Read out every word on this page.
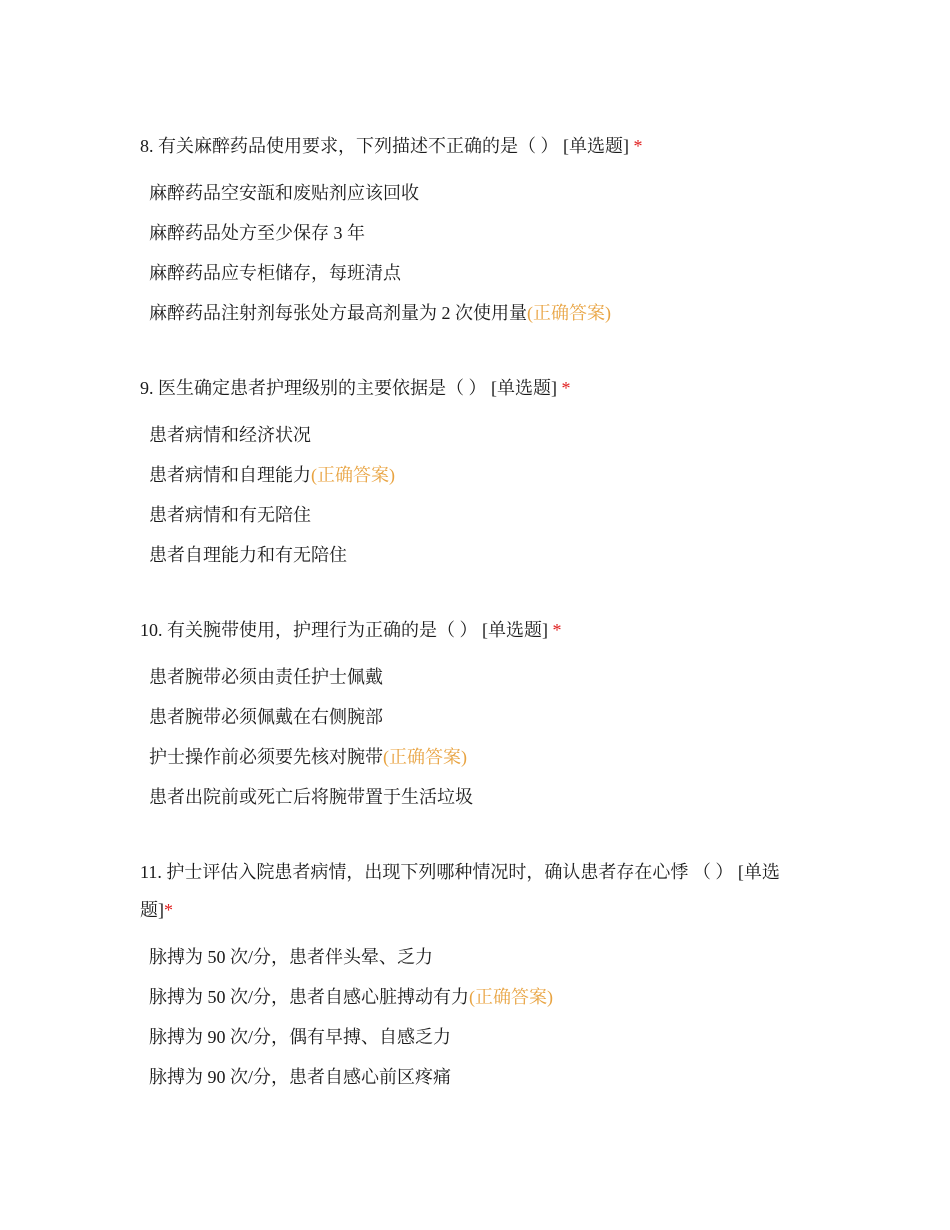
8. 有关麻醉药品使用要求，下列描述不正确的是（ ） [单选题] *

麻醉药品空安瓿和废贴剂应该回收
麻醉药品处方至少保存 3 年
麻醉药品应专柜储存，每班清点
麻醉药品注射剂每张处方最高剂量为 2 次使用量(正确答案)

9. 医生确定患者护理级别的主要依据是（ ） [单选题] *

患者病情和经济状况
患者病情和自理能力(正确答案)
患者病情和有无陪住
患者自理能力和有无陪住

10. 有关腕带使用，护理行为正确的是（ ） [单选题] *

患者腕带必须由责任护士佩戴
患者腕带必须佩戴在右侧腕部
护士操作前必须要先核对腕带(正确答案)
患者出院前或死亡后将腕带置于生活垃圾

11. 护士评估入院患者病情，出现下列哪种情况时，确认患者存在心悸 （ ） [单选题]*

脉搏为 50 次/分，患者伴头晕、乏力
脉搏为 50 次/分，患者自感心脏搏动有力(正确答案)
脉搏为 90 次/分，偶有早搏、自感乏力
脉搏为 90 次/分，患者自感心前区疼痛
